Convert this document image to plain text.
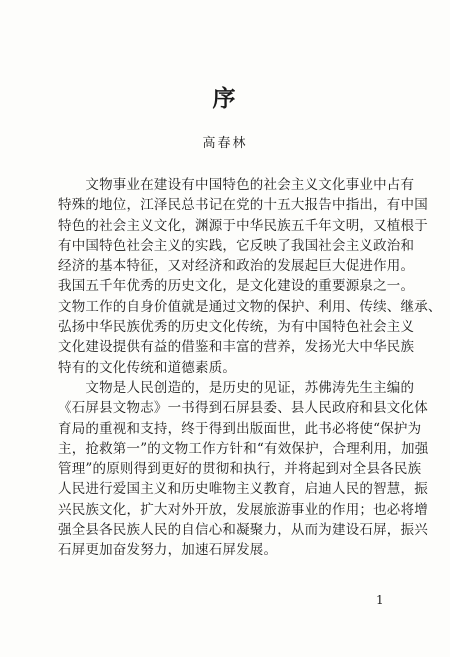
序
高春林
　　文物事业在建设有中国特色的社会主义文化事业中占有
特殊的地位，江泽民总书记在党的十五大报告中指出，有中国
特色的社会主义文化，渊源于中华民族五千年文明，又植根于
有中国特色社会主义的实践，它反映了我国社会主义政治和
经济的基本特征，又对经济和政治的发展起巨大促进作用。
我国五千年优秀的历史文化，是文化建设的重要源泉之一。
文物工作的自身价值就是通过文物的保护、利用、传续、继承、
弘扬中华民族优秀的历史文化传统，为有中国特色社会主义
文化建设提供有益的借鉴和丰富的营养，发扬光大中华民族
特有的文化传统和道德素质。
　　文物是人民创造的，是历史的见证，苏佛涛先生主编的
《石屏县文物志》一书得到石屏县委、县人民政府和县文化体
育局的重视和支持，终于得到出版面世，此书必将使“保护为
主，抢救第一”的文物工作方针和“有效保护，合理利用，加强
管理”的原则得到更好的贯彻和执行，并将起到对全县各民族
人民进行爱国主义和历史唯物主义教育，启迪人民的智慧，振
兴民族文化，扩大对外开放，发展旅游事业的作用；也必将增
强全县各民族人民的自信心和凝聚力，从而为建设石屏，振兴
石屏更加奋发努力，加速石屏发展。
1
